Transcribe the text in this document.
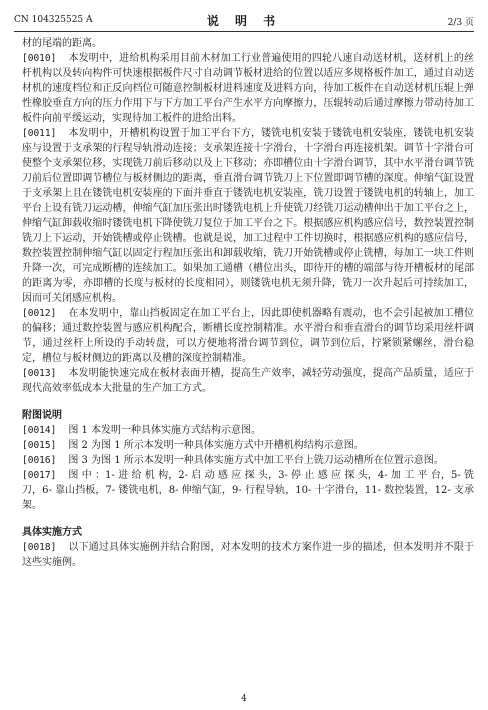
CN 104325525 A	说 明 书	2/3 页

材的尾端的距离。

[0010]  本发明中，进给机构采用目前木材加工行业普遍使用的四轮八速自动送材机，送材机上的丝杆机构以及转向构件可快速根据板件尺寸自动调节板材进给的位置以适应多规格板件加工，通过自动送材机的速度档位和正反向档位可随意控制板材进料速度及进料方向，待加工板件在自动送材机压辊上弹性橡胶垂直方向的压力作用下与下方加工平台产生水平方向摩擦力，压辊转动后通过摩擦力带动待加工板件向前平缓运动，实现待加工板件的进给出料。

[0011]  本发明中，开槽机构设置于加工平台下方，镂铣电机安装于镂铣电机安装座，镂铣电机安装座与设置于支承架的行程导轨滑动连接；支承架连接十字滑台，十字滑台再连接机架。调节十字滑台可使整个支承架位移，实现铣刀前后移动以及上下移动；亦即槽位由十字滑台调节，其中水平滑台调节铣刀前后位置即调节槽位与板材侧边的距离，垂直滑台调节铣刀上下位置即调节槽的深度。伸缩气缸设置于支承架上且在镂铣电机安装座的下面并垂直于镂铣电机安装座，铣刀设置于镂铣电机的转轴上，加工平台上设有铣刀运动槽，伸缩气缸加压张出时镂铣电机上升使铣刀经铣刀运动槽伸出于加工平台之上，伸缩气缸卸载收缩时镂铣电机下降使铣刀复位于加工平台之下。根据感应机构感应信号，数控装置控制铣刀上下运动，开始铣槽或停止铣槽。也就是说，加工过程中工件切换时，根据感应机构的感应信号，数控装置控制伸缩气缸以固定行程加压张出和卸载收缩，铣刀开始铣槽或停止铣槽，每加工一块工件则升降一次，可完成断槽的连续加工。如果加工通槽（槽位出头，即待开的槽的端部与待开槽板材的尾部的距离为零，亦即槽的长度与板材的长度相同），则镂铣电机无须升降，铣刀一次升起后可持续加工，因而可关闭感应机构。

[0012]  在本发明中，靠山挡板固定在加工平台上，因此即使机器略有震动，也不会引起被加工槽位的偏移；通过数控装置与感应机构配合，断槽长度控制精准。水平滑台和垂直滑台的调节均采用丝杆调节，通过丝杆上所设的手动转盘，可以方便地将滑台调节到位，调节到位后，拧紧锁紧螺丝，滑台稳定，槽位与板材侧边的距离以及槽的深度控制精准。

[0013]  本发明能快速完成在板材表面开槽，提高生产效率，减轻劳动强度，提高产品质量，适应于现代高效率低成本大批量的生产加工方式。

附图说明

[0014]  图 1 本发明一种具体实施方式结构示意图。

[0015]  图 2 为图 1 所示本发明一种具体实施方式中开槽机构结构示意图。

[0016]  图 3 为图 1 所示本发明一种具体实施方式中加工平台上铣刀运动槽所在位置示意图。

[0017]  图 中 ：1- 进 给 机 构，2- 启 动 感 应 探 头，3- 停 止 感 应 探 头，4- 加 工 平 台，5- 铣 刀，6- 靠山挡板，7- 镂铣电机，8- 伸缩气缸，9- 行程导轨，10- 十字滑台，11- 数控装置，12- 支承架。

具体实施方式

[0018]  以下通过具体实施例并结合附图，对本发明的技术方案作进一步的描述，但本发明并不限于这些实施例。

4
